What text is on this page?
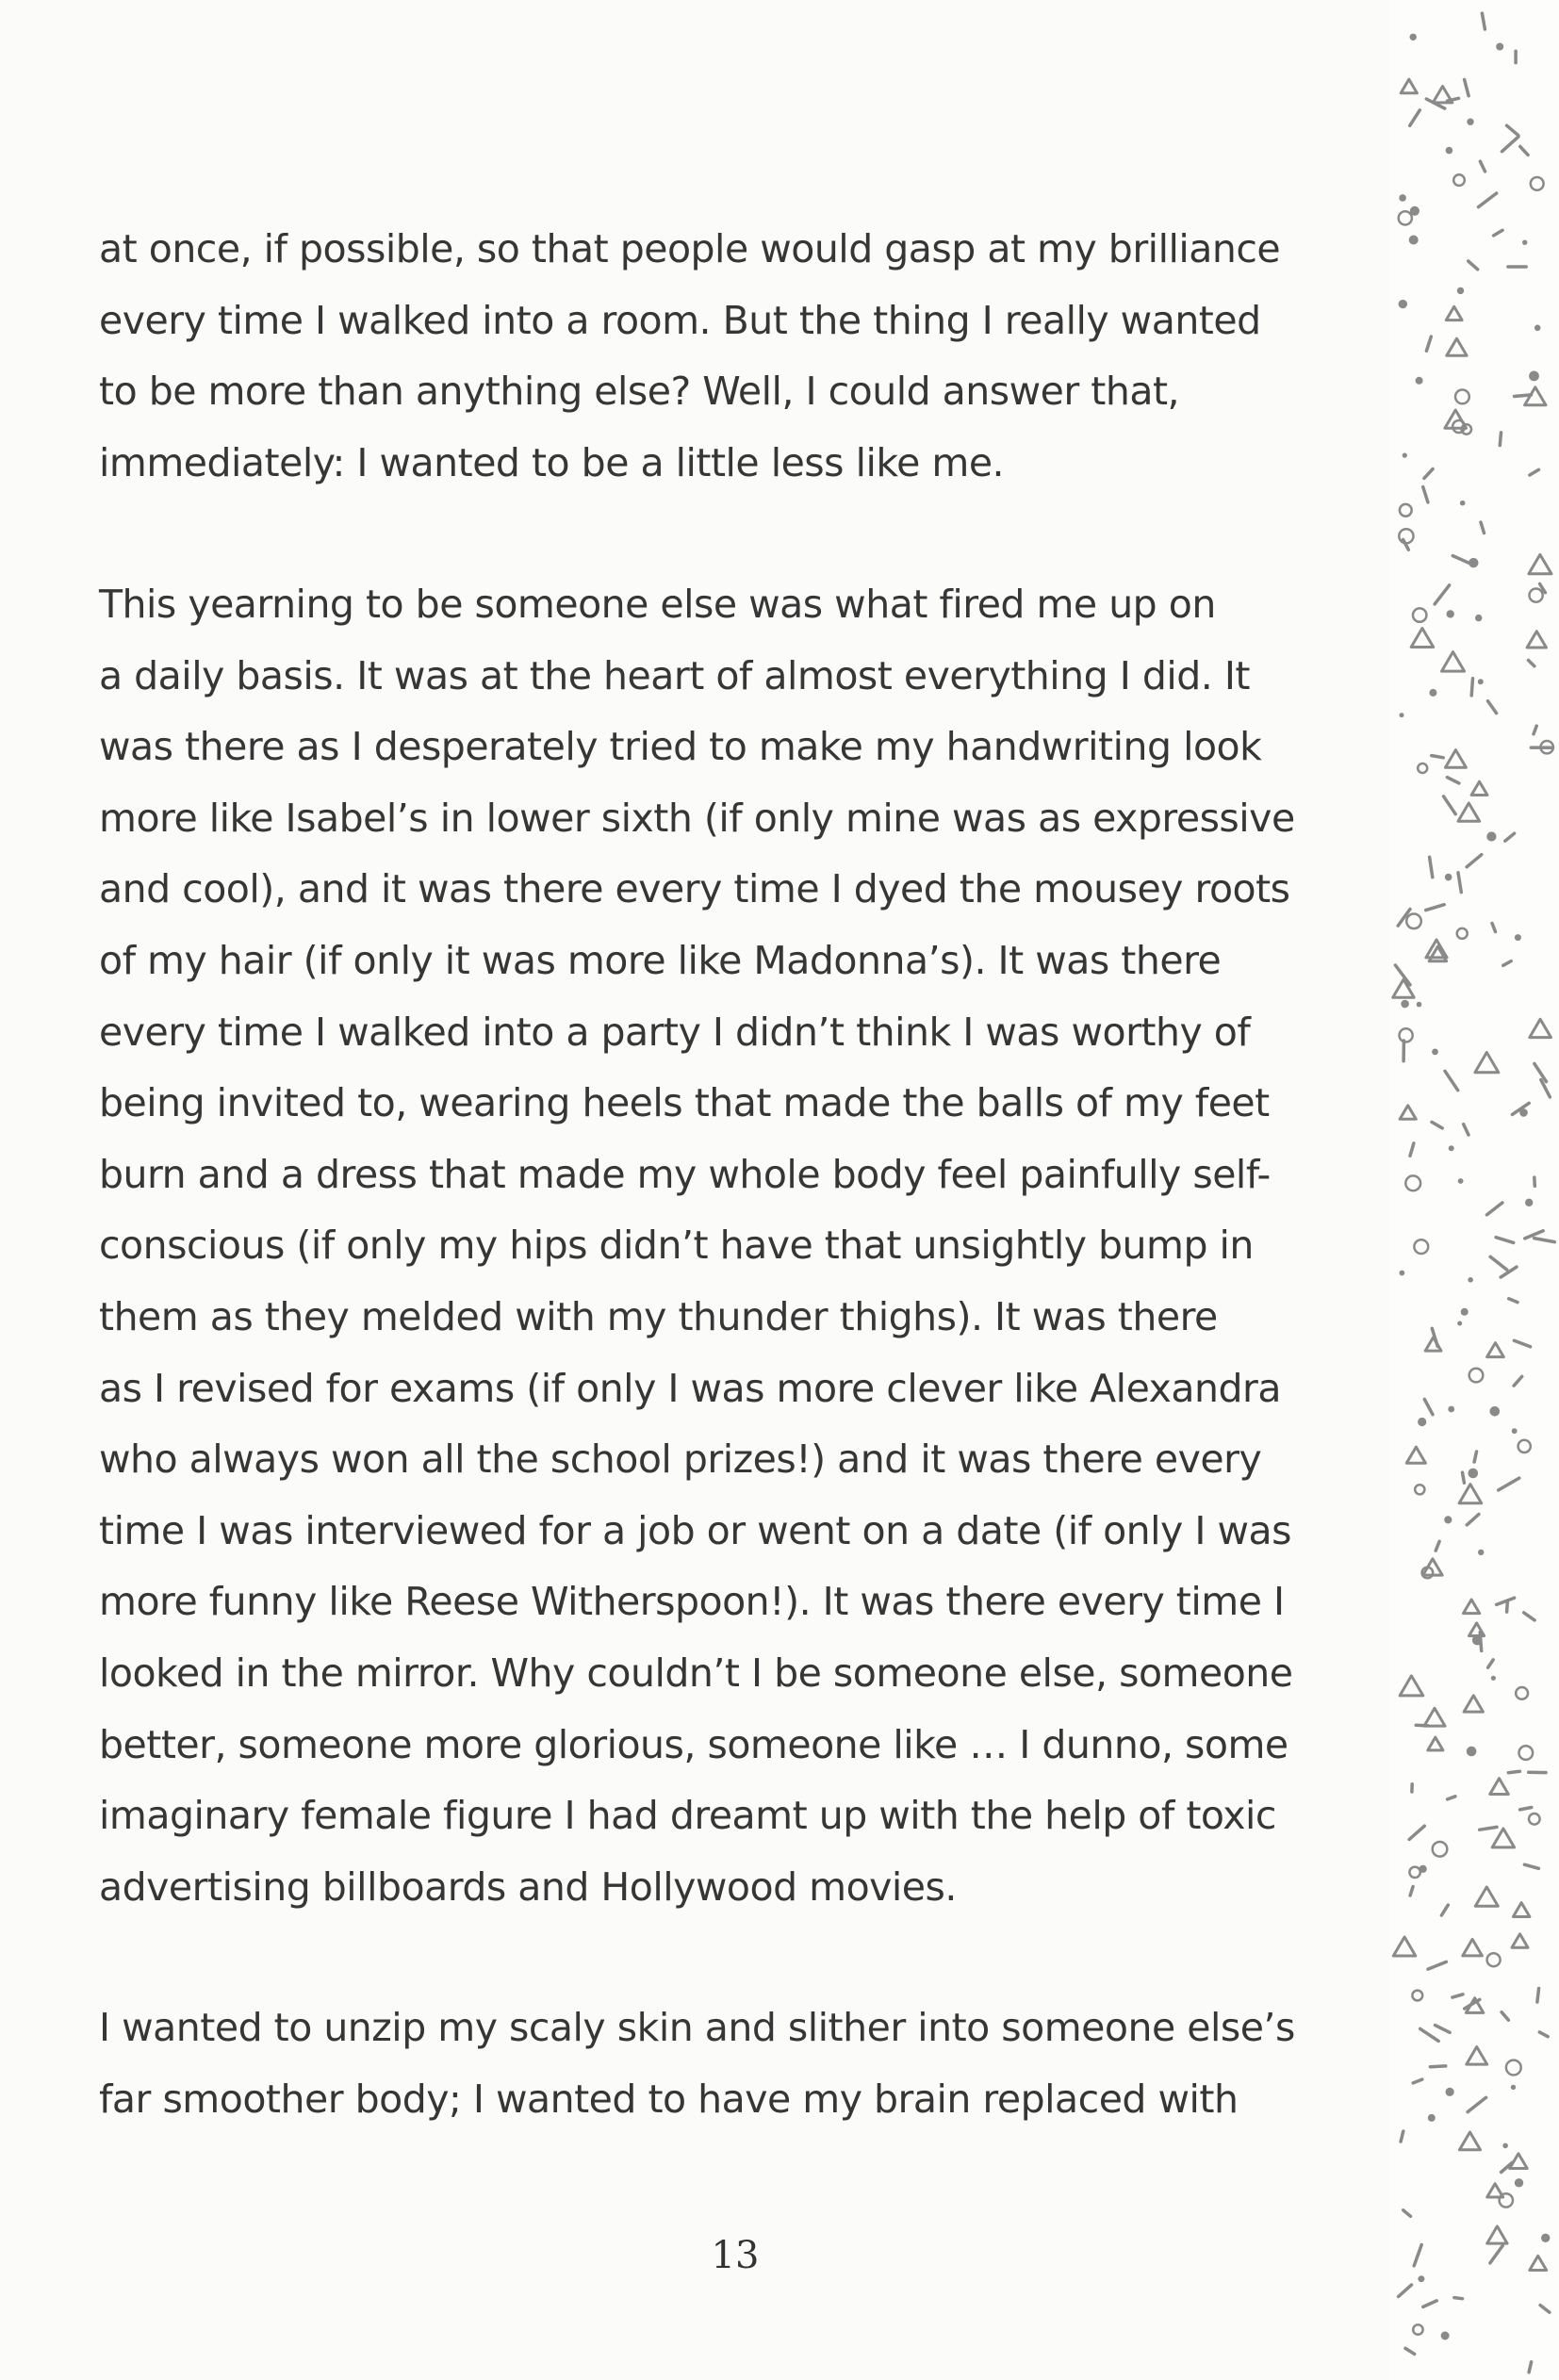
at once, if possible, so that people would gasp at my brilliance
every time I walked into a room. But the thing I really wanted
to be more than anything else? Well, I could answer that,
immediately: I wanted to be a little less like me.
This yearning to be someone else was what fired me up on
a daily basis. It was at the heart of almost everything I did. It
was there as I desperately tried to make my handwriting look
more like Isabel’s in lower sixth (if only mine was as expressive
and cool), and it was there every time I dyed the mousey roots
of my hair (if only it was more like Madonna’s). It was there
every time I walked into a party I didn’t think I was worthy of
being invited to, wearing heels that made the balls of my feet
burn and a dress that made my whole body feel painfully self-
conscious (if only my hips didn’t have that unsightly bump in
them as they melded with my thunder thighs). It was there
as I revised for exams (if only I was more clever like Alexandra
who always won all the school prizes!) and it was there every
time I was interviewed for a job or went on a date (if only I was
more funny like Reese Witherspoon!). It was there every time I
looked in the mirror. Why couldn’t I be someone else, someone
better, someone more glorious, someone like … I dunno, some
imaginary female figure I had dreamt up with the help of toxic
advertising billboards and Hollywood movies.
I wanted to unzip my scaly skin and slither into someone else’s
far smoother body; I wanted to have my brain replaced with
13
